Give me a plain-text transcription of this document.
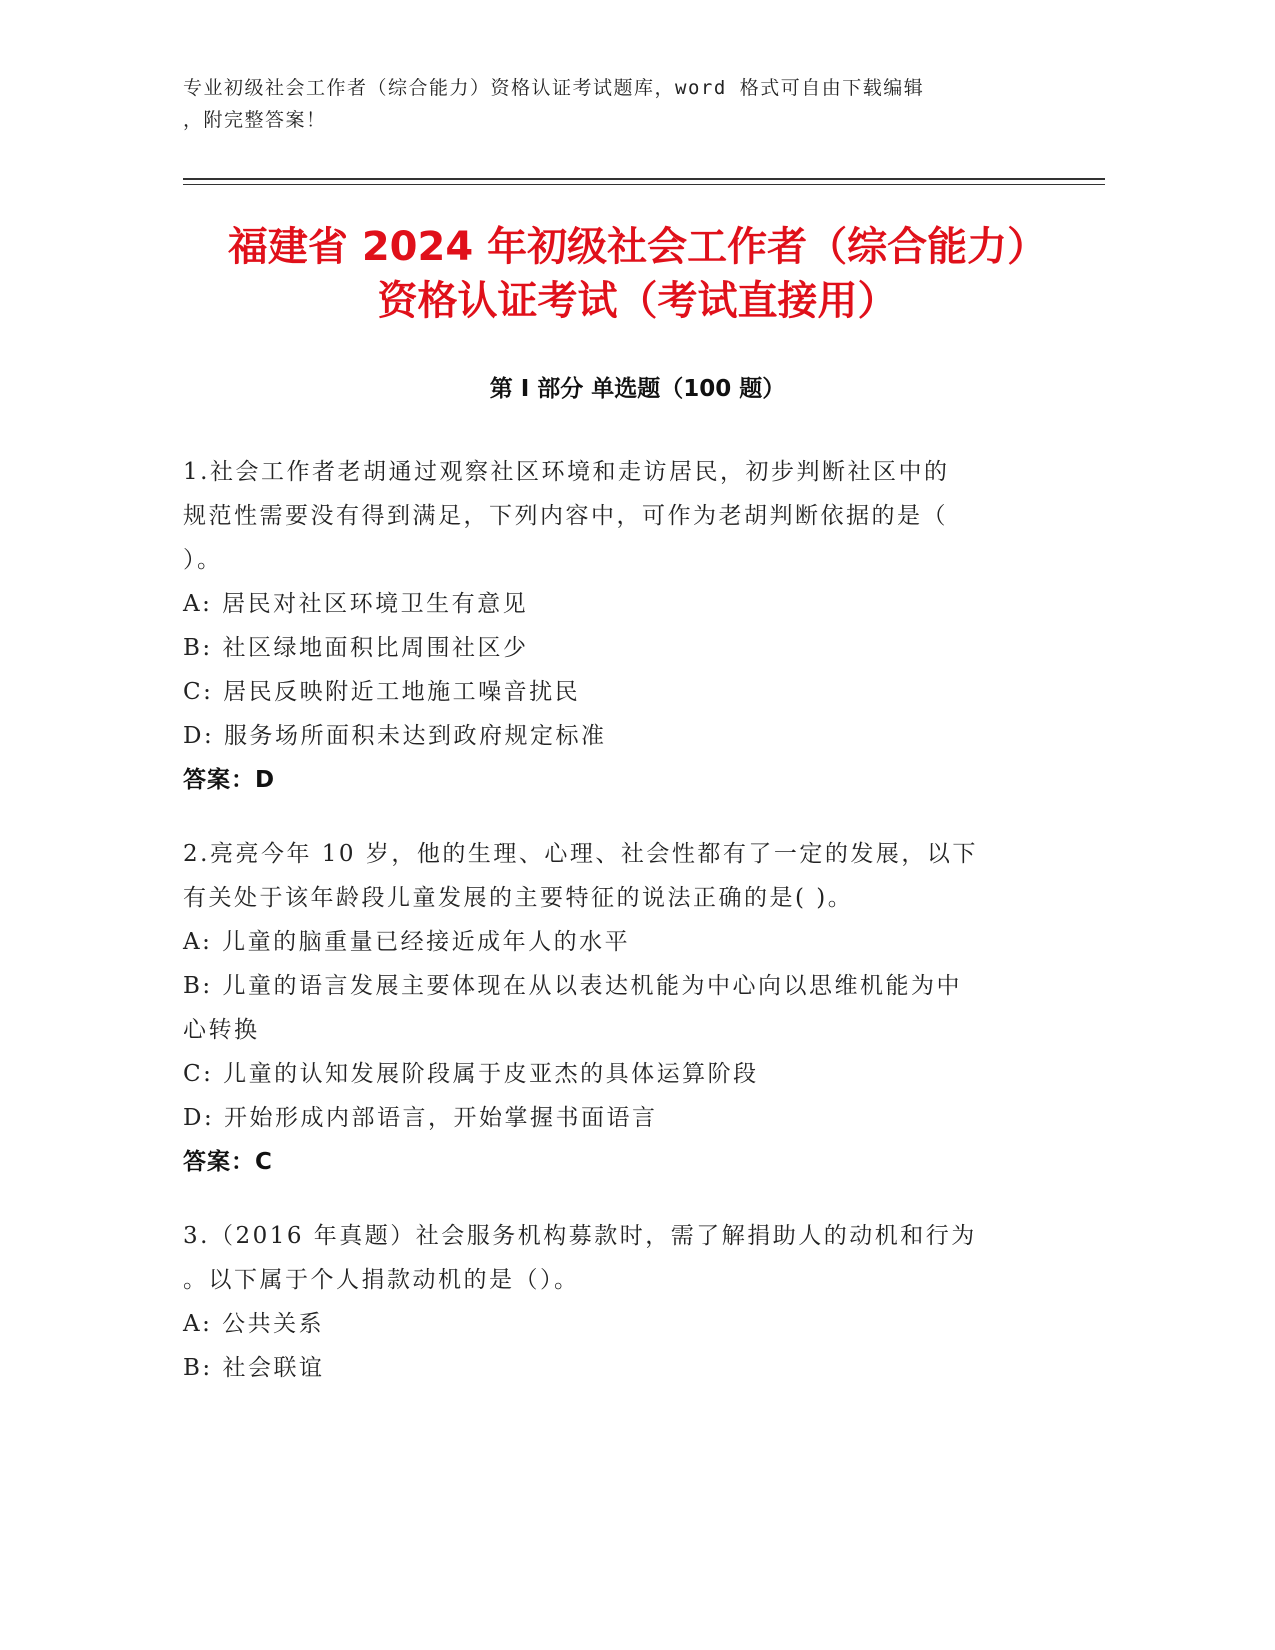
专业初级社会工作者（综合能力）资格认证考试题库，word 格式可自由下载编辑
，附完整答案！
福建省 2024 年初级社会工作者（综合能力）
资格认证考试（考试直接用）
第 I 部分 单选题（100 题）
1.社会工作者老胡通过观察社区环境和走访居民，初步判断社区中的
规范性需要没有得到满足，下列内容中，可作为老胡判断依据的是（
）。
A: 居民对社区环境卫生有意见
B: 社区绿地面积比周围社区少
C: 居民反映附近工地施工噪音扰民
D: 服务场所面积未达到政府规定标准
答案：D
2.亮亮今年 10 岁，他的生理、心理、社会性都有了一定的发展，以下
有关处于该年龄段儿童发展的主要特征的说法正确的是( )。
A: 儿童的脑重量已经接近成年人的水平
B: 儿童的语言发展主要体现在从以表达机能为中心向以思维机能为中
心转换
C: 儿童的认知发展阶段属于皮亚杰的具体运算阶段
D: 开始形成内部语言，开始掌握书面语言
答案：C
3.（2016 年真题）社会服务机构募款时，需了解捐助人的动机和行为
。以下属于个人捐款动机的是（）。
A: 公共关系
B: 社会联谊
